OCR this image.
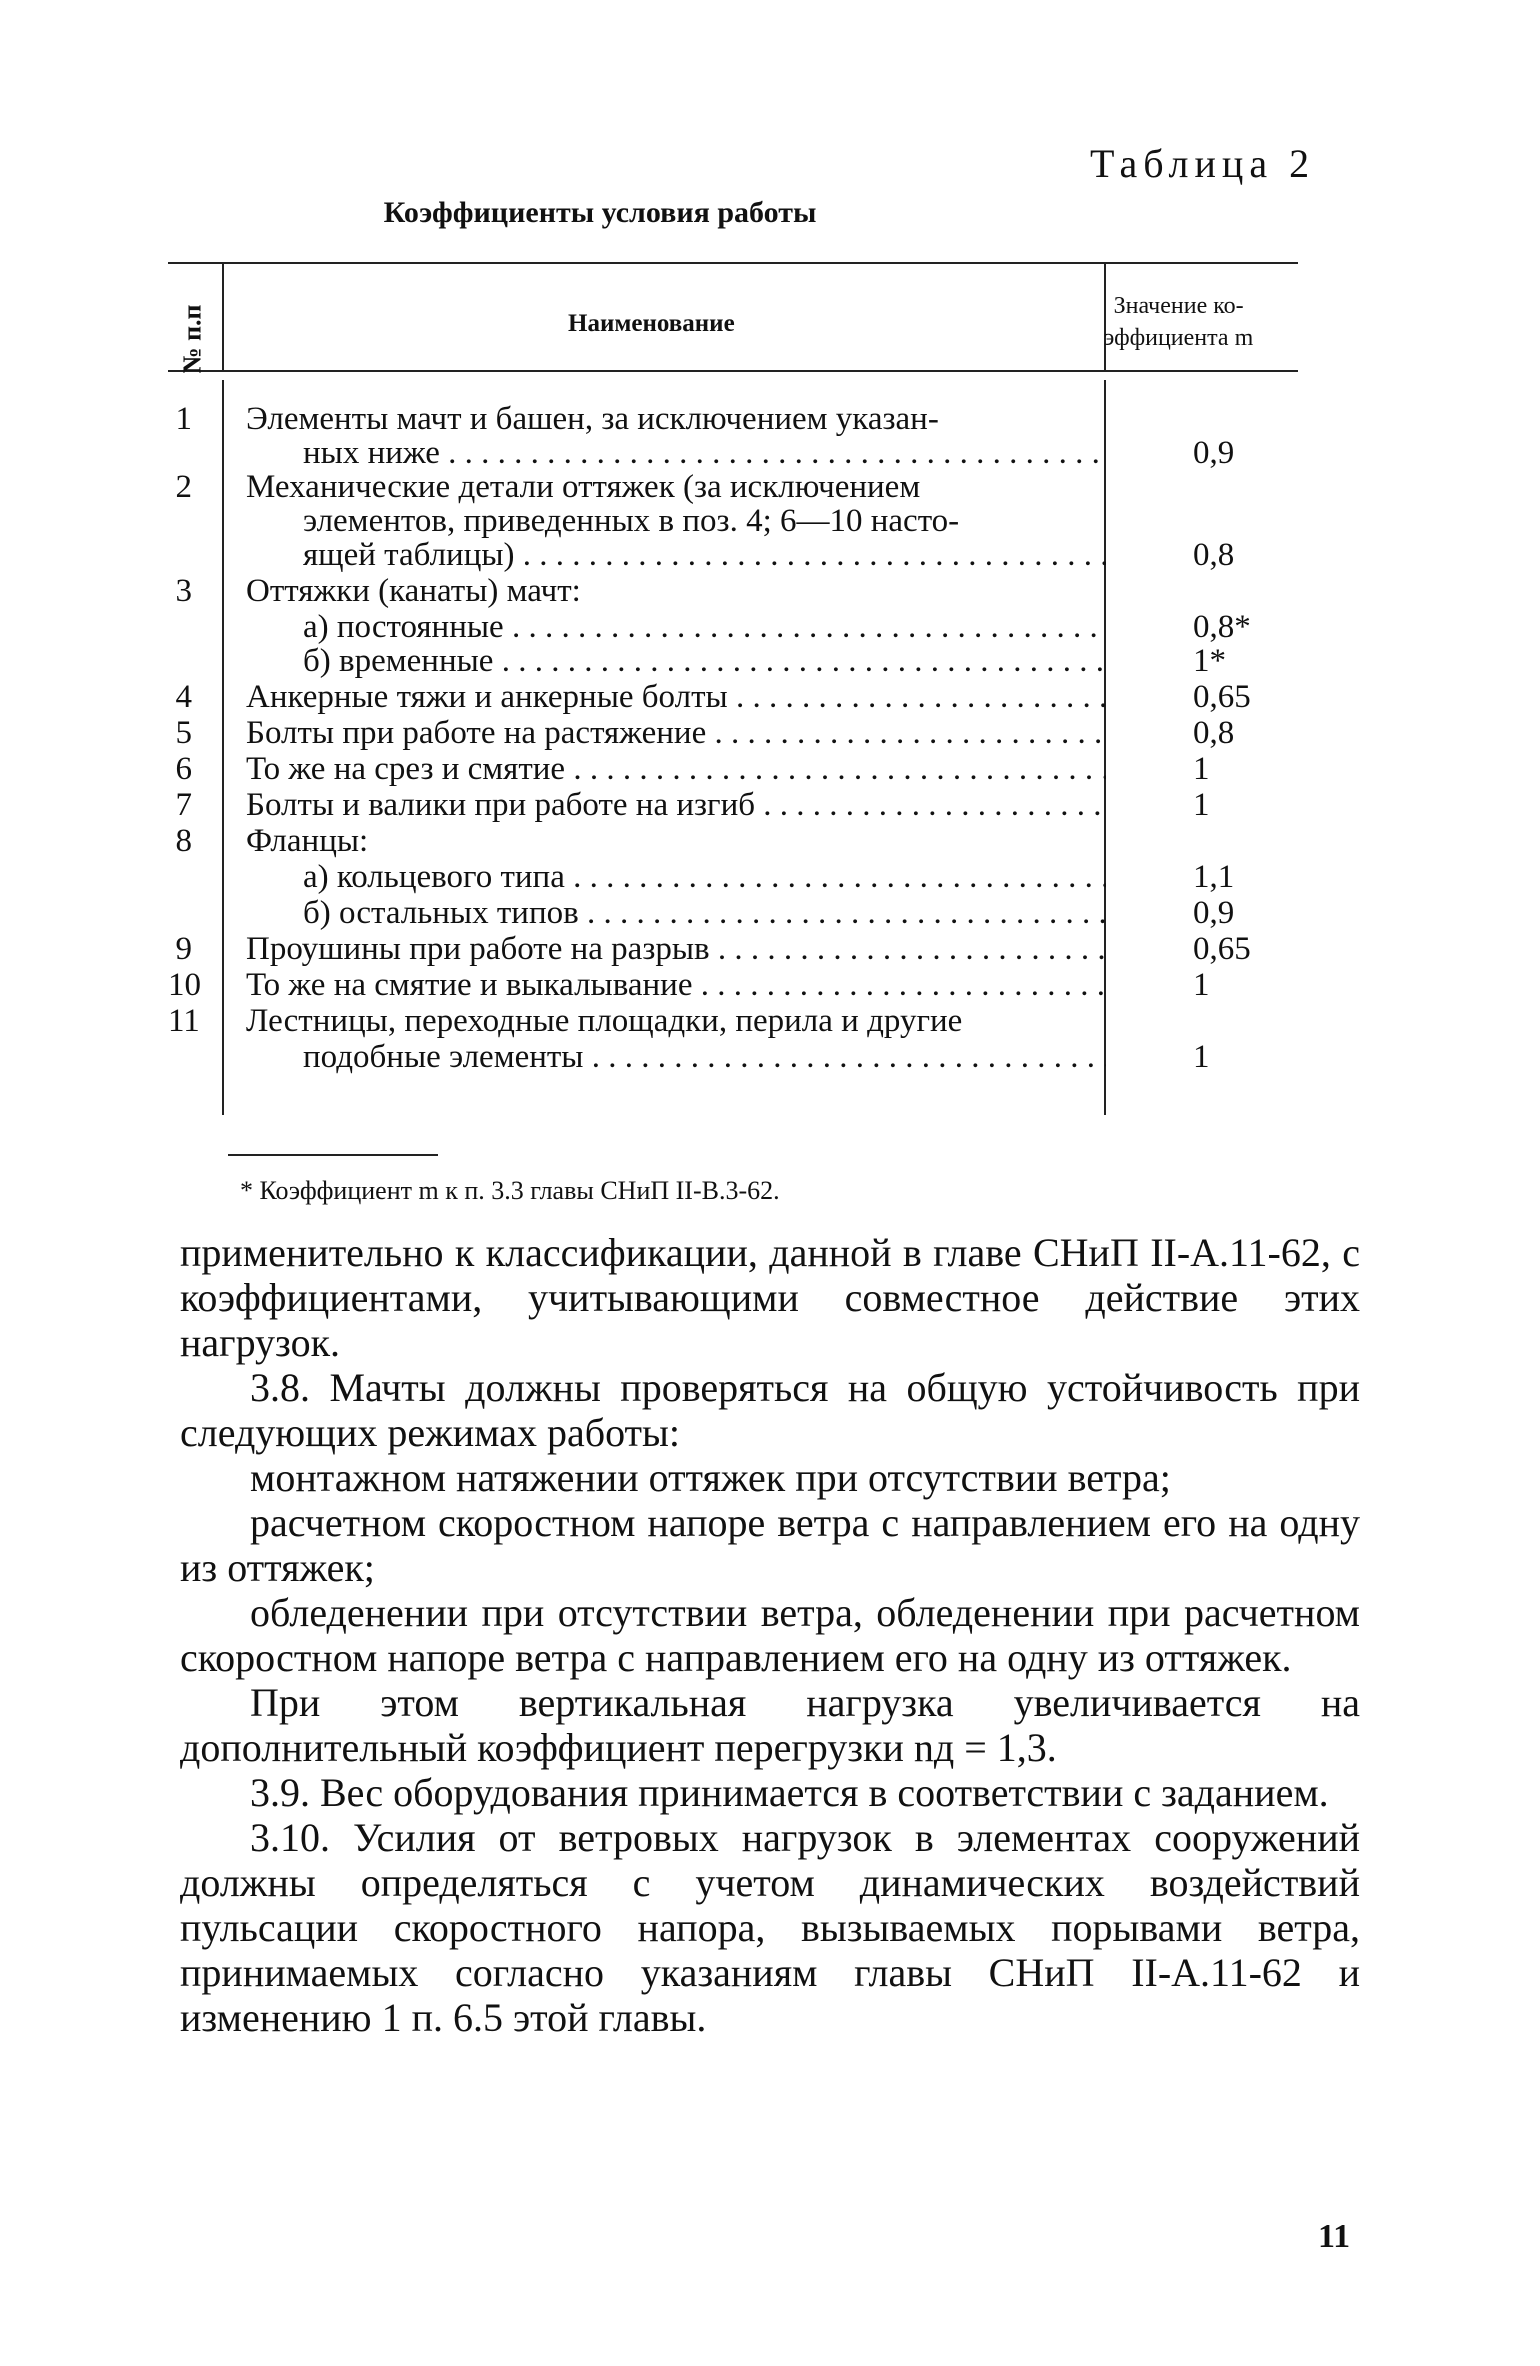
Таблица 2
Коэффициенты условия работы
№ п.п	Наименование
Значение ко-
эффициента m
1 Элементы мачт и башен, за исключением указан-
ных ниже . . .	0,9
2 Механические детали оттяжек (за исключением
элементов, приведенных в поз. 4; 6—10 насто-
ящей таблицы) . . .	0,8
3 Оттяжки (канаты) мачт:
а) постоянные . . .	0,8*
б) временные . . .	1*
4 Анкерные тяжи и анкерные болты . . .	0,65
5 Болты при работе на растяжение . . .	0,8
6 То же на срез и смятие . . .	1
7 Болты и валики при работе на изгиб . . .	1
8 Фланцы:
а) кольцевого типа . . .	1,1
б) остальных типов . . .	0,9
9 Проушины при работе на разрыв . . .	0,65
10 То же на смятие и выкалывание . . .	1
11 Лестницы, переходные площадки, перила и другие
подобные элементы . . .	1
* Коэффициент m к п. 3.3 главы СНиП II-В.3-62.

применительно к классификации, данной в главе СНиП II-А.11-62, с коэффициентами, учитывающими совместное действие этих нагрузок.

3.8. Мачты должны проверяться на общую устойчивость при следующих режимах работы:

монтажном натяжении оттяжек при отсутствии ветра;

расчетном скоростном напоре ветра с направлением его на одну из оттяжек;

обледенении при отсутствии ветра, обледенении при расчетном скоростном напоре ветра с направлением его на одну из оттяжек.

При этом вертикальная нагрузка увеличивается на дополнительный коэффициент перегрузки nд = 1,3.

3.9. Вес оборудования принимается в соответствии с заданием.

3.10. Усилия от ветровых нагрузок в элементах сооружений должны определяться с учетом динамических воздействий пульсации скоростного напора, вызываемых порывами ветра, принимаемых согласно указаниям главы СНиП II-А.11-62 и изменению 1 п. 6.5 этой главы.

11
